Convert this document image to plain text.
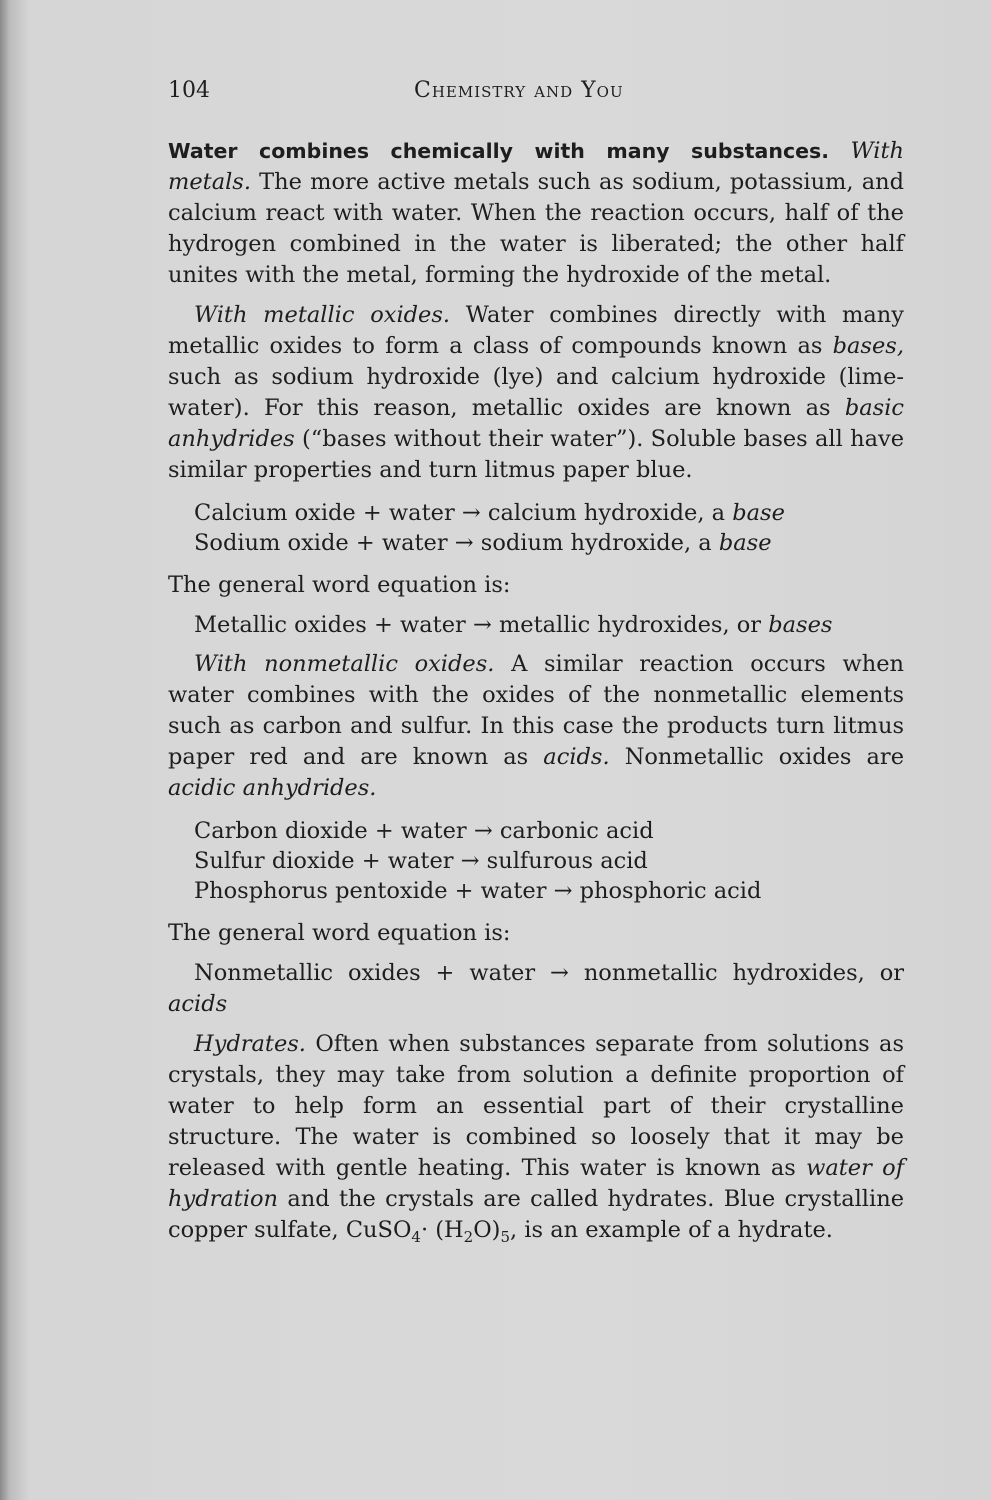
104	Chemistry and You

Water combines chemically with many substances. With metals. The more active metals such as sodium, potassium, and calcium react with water. When the reaction occurs, half of the hydrogen combined in the water is liberated; the other half unites with the metal, forming the hydroxide of the metal.

With metallic oxides. Water combines directly with many metallic oxides to form a class of compounds known as bases, such as sodium hydroxide (lye) and calcium hydroxide (lime-water). For this reason, metallic oxides are known as basic anhydrides (“bases without their water”). Soluble bases all have similar properties and turn litmus paper blue.

Calcium oxide + water → calcium hydroxide, a base

Sodium oxide + water → sodium hydroxide, a base

The general word equation is:

Metallic oxides + water → metallic hydroxides, or bases

With nonmetallic oxides. A similar reaction occurs when water combines with the oxides of the nonmetallic elements such as carbon and sulfur. In this case the products turn litmus paper red and are known as acids. Nonmetallic oxides are acidic anhydrides.

Carbon dioxide + water → carbonic acid

Sulfur dioxide + water → sulfurous acid

Phosphorus pentoxide + water → phosphoric acid

The general word equation is:

Nonmetallic oxides + water → nonmetallic hydroxides, or acids

Hydrates. Often when substances separate from solutions as crystals, they may take from solution a definite proportion of water to help form an essential part of their crystalline structure. The water is combined so loosely that it may be released with gentle heating. This water is known as water of hydration and the crystals are called hydrates. Blue crystalline copper sulfate, CuSO$_4$· $(H_2O)_5$, is an example of a hydrate.
